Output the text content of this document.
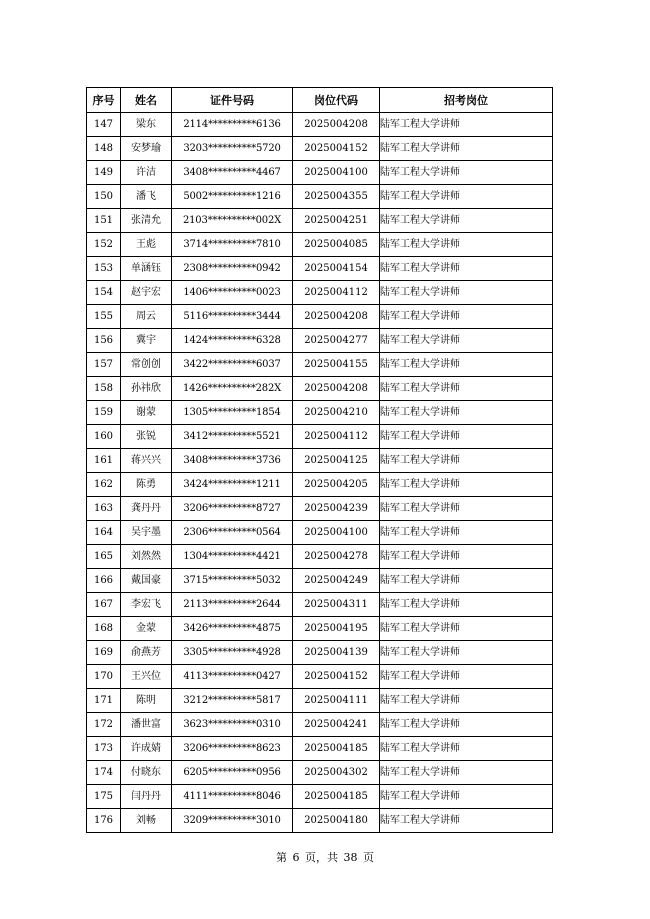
序号	姓名	证件号码	岗位代码	招考岗位
147	梁东	2114**********6136	2025004208	陆军工程大学讲师
148	安梦瑜	3203**********5720	2025004152	陆军工程大学讲师
149	许洁	3408**********4467	2025004100	陆军工程大学讲师
150	潘飞	5002**********1216	2025004355	陆军工程大学讲师
151	张清允	2103**********002X	2025004251	陆军工程大学讲师
152	王彪	3714**********7810	2025004085	陆军工程大学讲师
153	单涵钰	2308**********0942	2025004154	陆军工程大学讲师
154	赵宇宏	1406**********0023	2025004112	陆军工程大学讲师
155	周云	5116**********3444	2025004208	陆军工程大学讲师
156	冀宇	1424**********6328	2025004277	陆军工程大学讲师
157	常创创	3422**********6037	2025004155	陆军工程大学讲师
158	孙祎欣	1426**********282X	2025004208	陆军工程大学讲师
159	谢蒙	1305**********1854	2025004210	陆军工程大学讲师
160	张锐	3412**********5521	2025004112	陆军工程大学讲师
161	蒋兴兴	3408**********3736	2025004125	陆军工程大学讲师
162	陈勇	3424**********1211	2025004205	陆军工程大学讲师
163	龚丹丹	3206**********8727	2025004239	陆军工程大学讲师
164	吴宇墨	2306**********0564	2025004100	陆军工程大学讲师
165	刘然然	1304**********4421	2025004278	陆军工程大学讲师
166	戴国豪	3715**********5032	2025004249	陆军工程大学讲师
167	李宏飞	2113**********2644	2025004311	陆军工程大学讲师
168	金蒙	3426**********4875	2025004195	陆军工程大学讲师
169	俞燕芳	3305**********4928	2025004139	陆军工程大学讲师
170	王兴位	4113**********0427	2025004152	陆军工程大学讲师
171	陈明	3212**********5817	2025004111	陆军工程大学讲师
172	潘世富	3623**********0310	2025004241	陆军工程大学讲师
173	许成婧	3206**********8623	2025004185	陆军工程大学讲师
174	付晓东	6205**********0956	2025004302	陆军工程大学讲师
175	闫丹丹	4111**********8046	2025004185	陆军工程大学讲师
176	刘畅	3209**********3010	2025004180	陆军工程大学讲师
第 6 页，共 38 页
